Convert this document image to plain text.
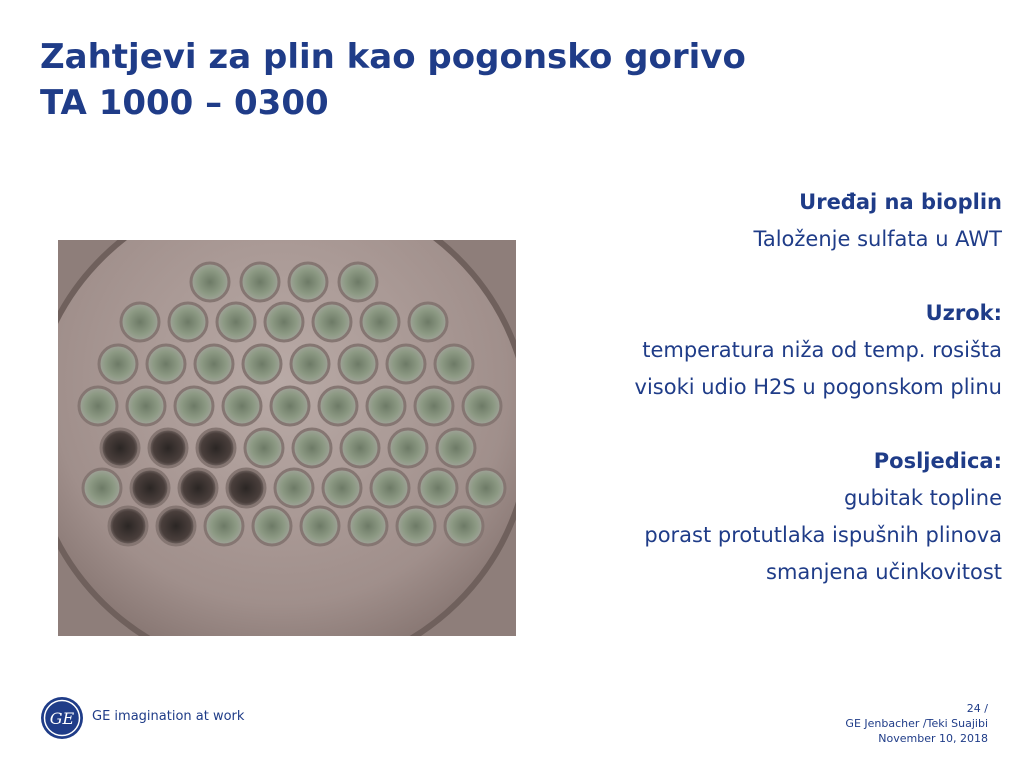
Zahtjevi za plin kao pogonsko gorivo
TA 1000 – 0300
Uređaj na bioplin
Taloženje sulfata u AWT
Uzrok:
temperatura niža od temp. rosišta
visoki udio H2S u pogonskom plinu
Posljedica:
gubitak topline
porast protutlaka ispušnih plinova
smanjena učinkovitost
GE GE imagination at work
24 /
GE Jenbacher /Teki Suajibi
November 10, 2018
